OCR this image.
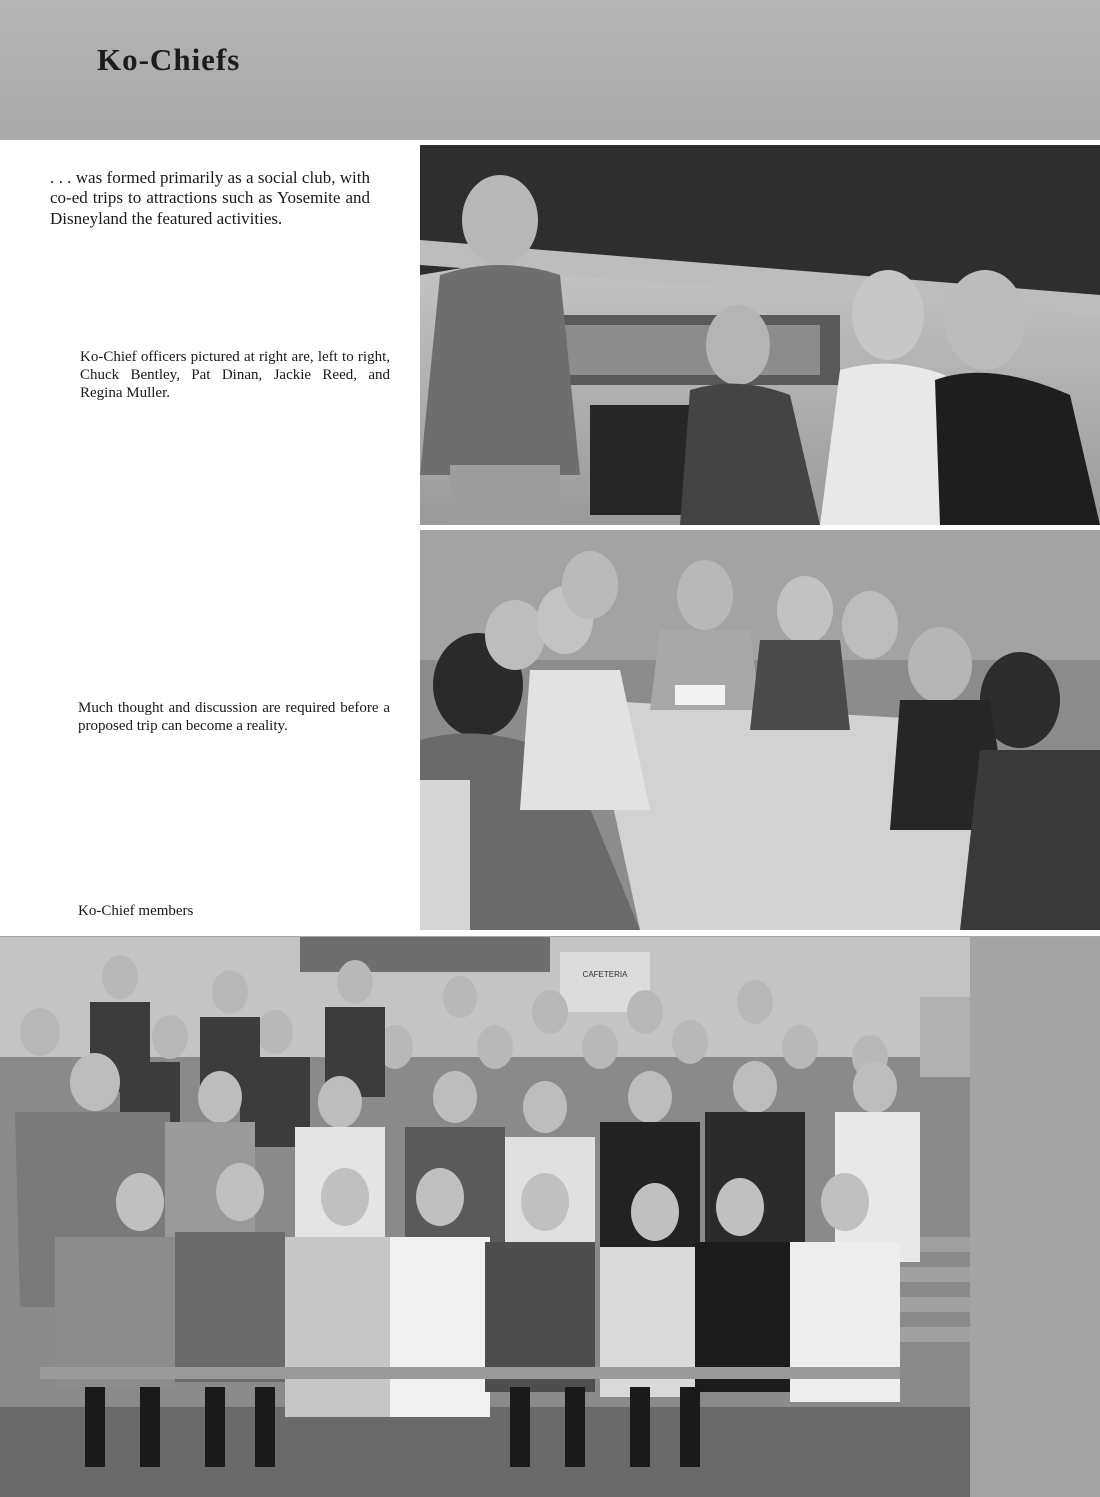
Ko-Chiefs

. . . was formed primarily as a social club, with co-ed trips to attractions such as Yosemite and Disneyland the featured activities.

Ko-Chief officers pictured at right are, left to right, Chuck Bentley, Pat Dinan, Jackie Reed, and Regina Muller.

Much thought and discussion are required before a proposed trip can become a reality.

Ko-Chief members

CAFETERIA
